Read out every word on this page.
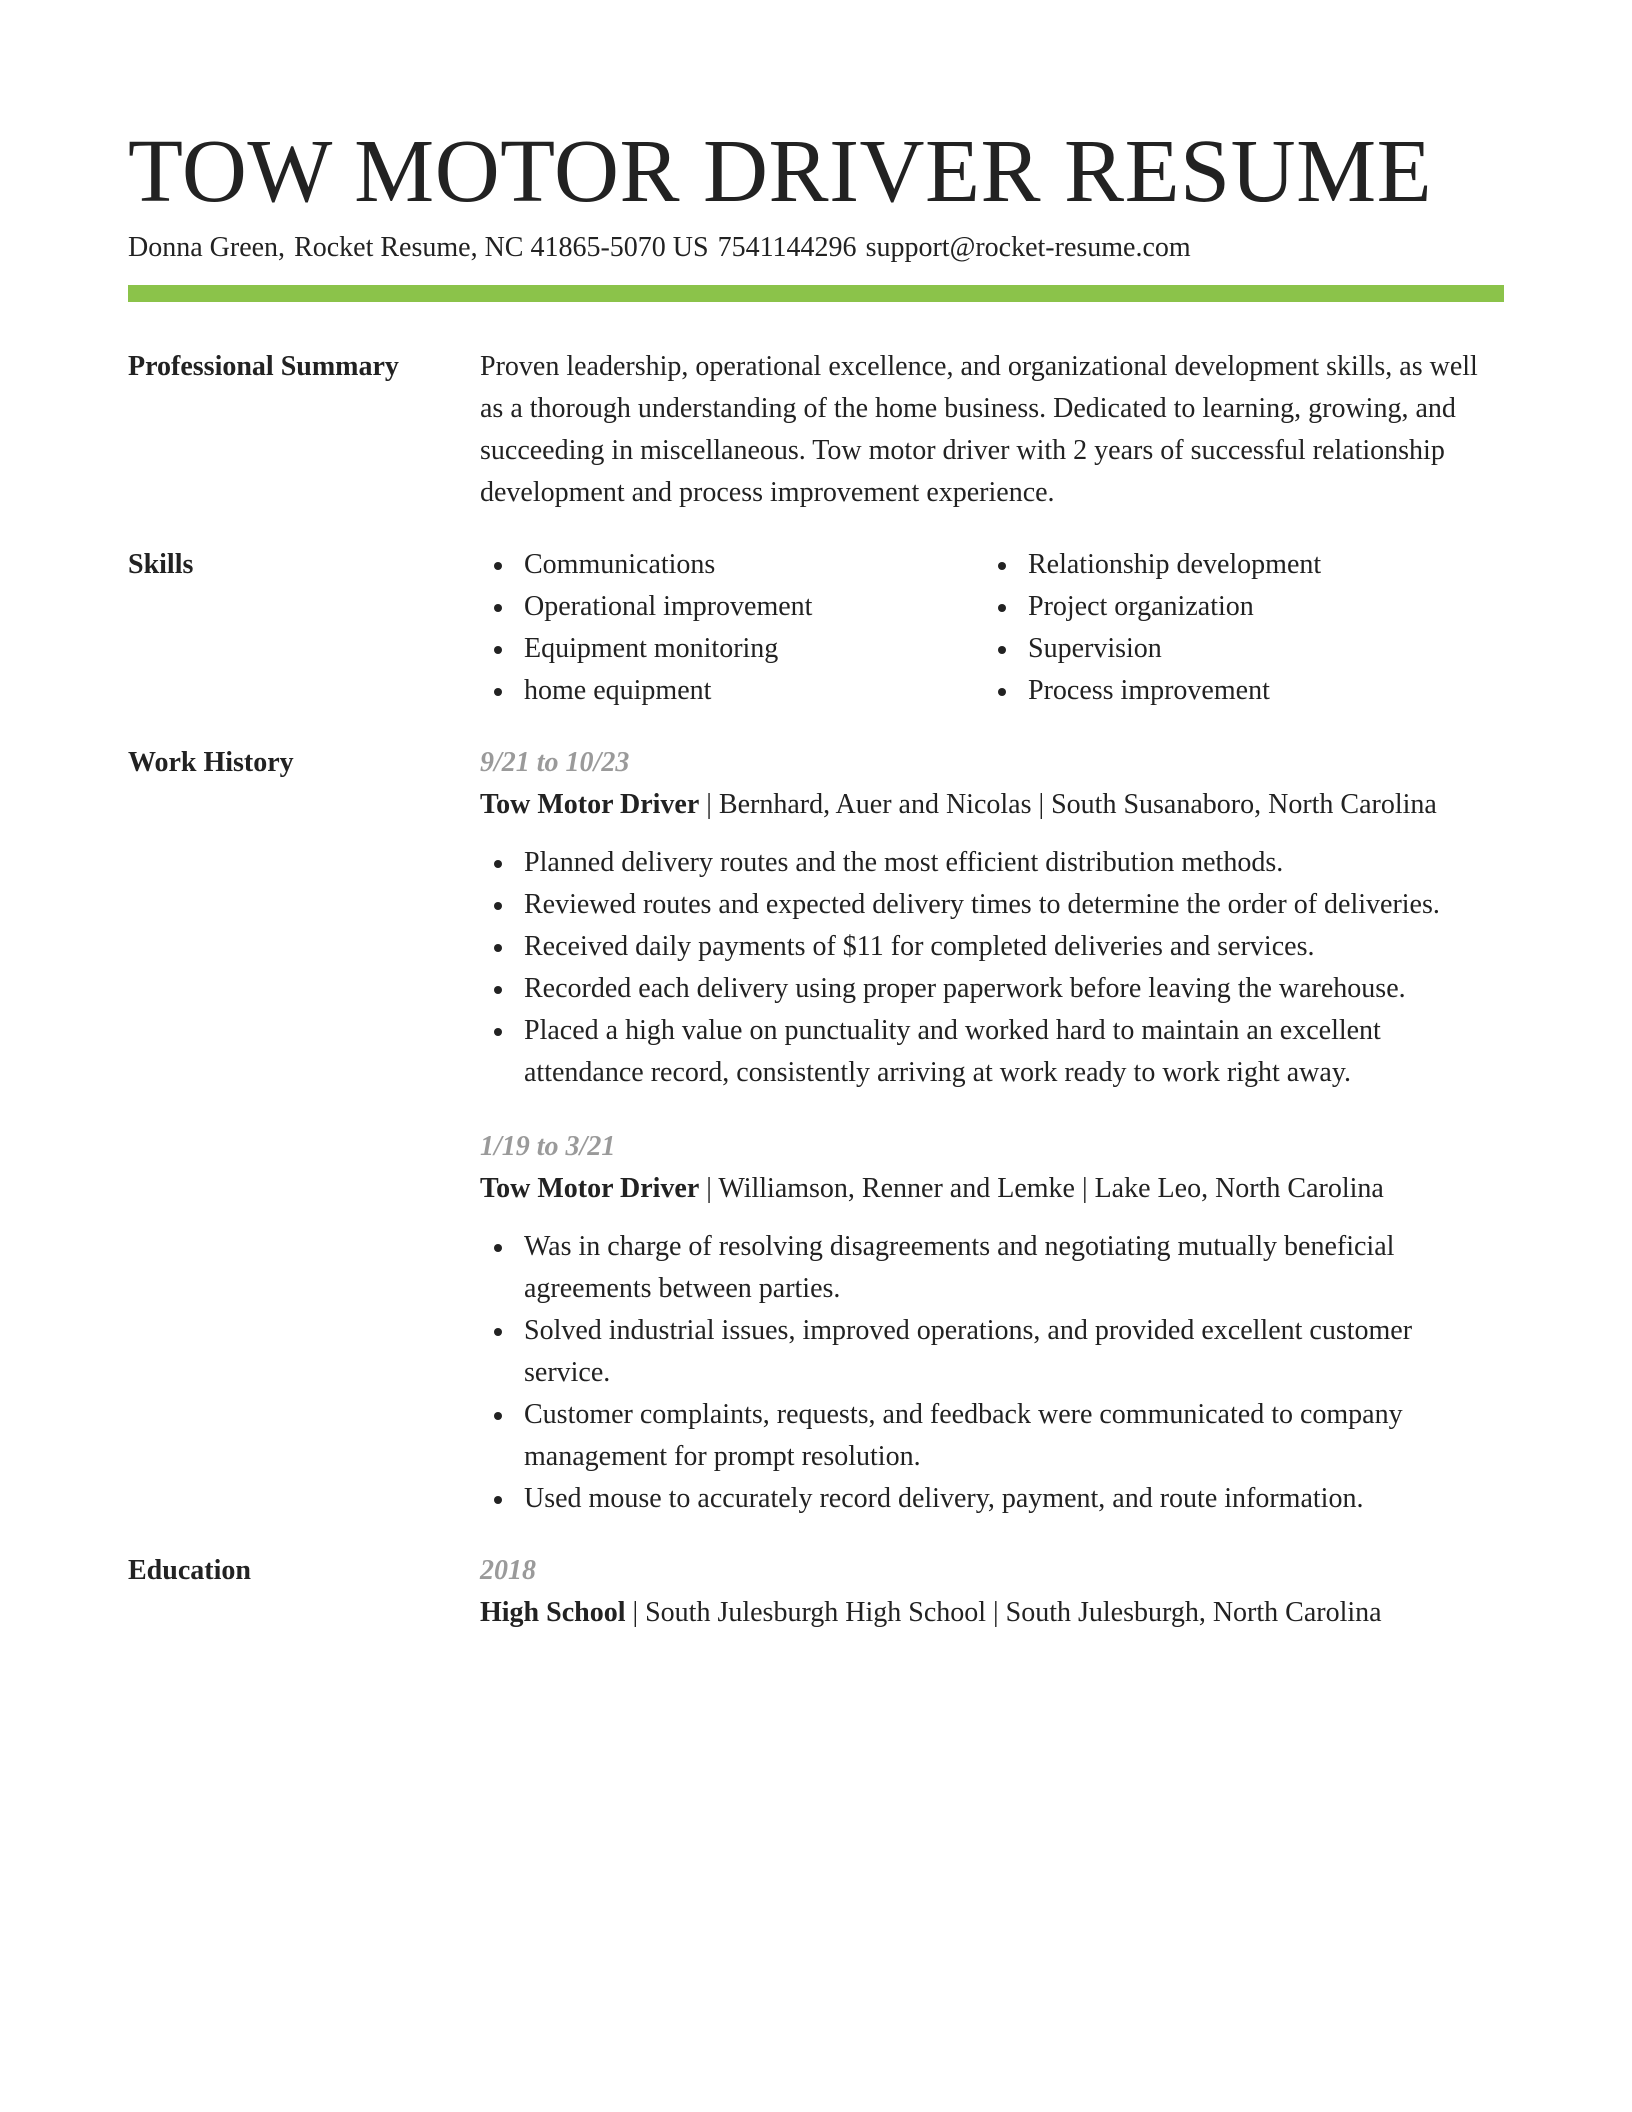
TOW MOTOR DRIVER RESUME
Donna Green, Rocket Resume, NC 41865-5070 US 7541144296 support@rocket-resume.com
Professional Summary	Proven leadership, operational excellence, and organizational development skills, as well as a thorough understanding of the home business. Dedicated to learning, growing, and succeeding in miscellaneous. Tow motor driver with 2 years of successful relationship development and process improvement experience.

Skills	Communications
Operational improvement
Equipment monitoring
home equipment
Relationship development
Project organization
Supervision
Process improvement
Work History	9/21 to 10/23
Tow Motor Driver | Bernhard, Auer and Nicolas | South Susanaboro, North Carolina
Planned delivery routes and the most efficient distribution methods.
Reviewed routes and expected delivery times to determine the order of deliveries.
Received daily payments of $11 for completed deliveries and services.
Recorded each delivery using proper paperwork before leaving the warehouse.
Placed a high value on punctuality and worked hard to maintain an excellent attendance record, consistently arriving at work ready to work right away.
1/19 to 3/21
Tow Motor Driver | Williamson, Renner and Lemke | Lake Leo, North Carolina
Was in charge of resolving disagreements and negotiating mutually beneficial agreements between parties.
Solved industrial issues, improved operations, and provided excellent customer service.
Customer complaints, requests, and feedback were communicated to company management for prompt resolution.
Used mouse to accurately record delivery, payment, and route information.
Education	2018
High School | South Julesburgh High School | South Julesburgh, North Carolina
